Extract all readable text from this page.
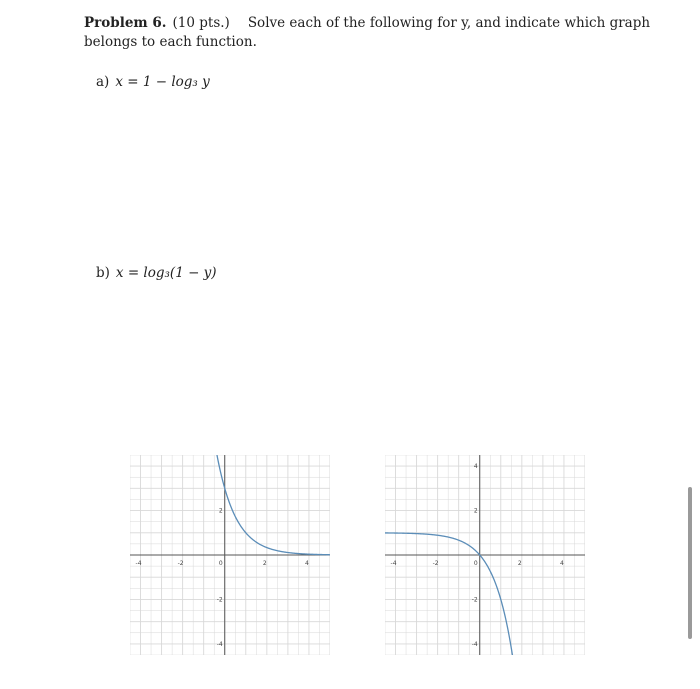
Problem 6. (10 pts.) Solve each of the following for y, and indicate which graph belongs to each function.
a) x = 1 − log₃ y
b) x = log₃(1 − y)
-4	-2	0	2	4
2
-2
-4
-4	-2	0	2	4
4
2
-2
-4
